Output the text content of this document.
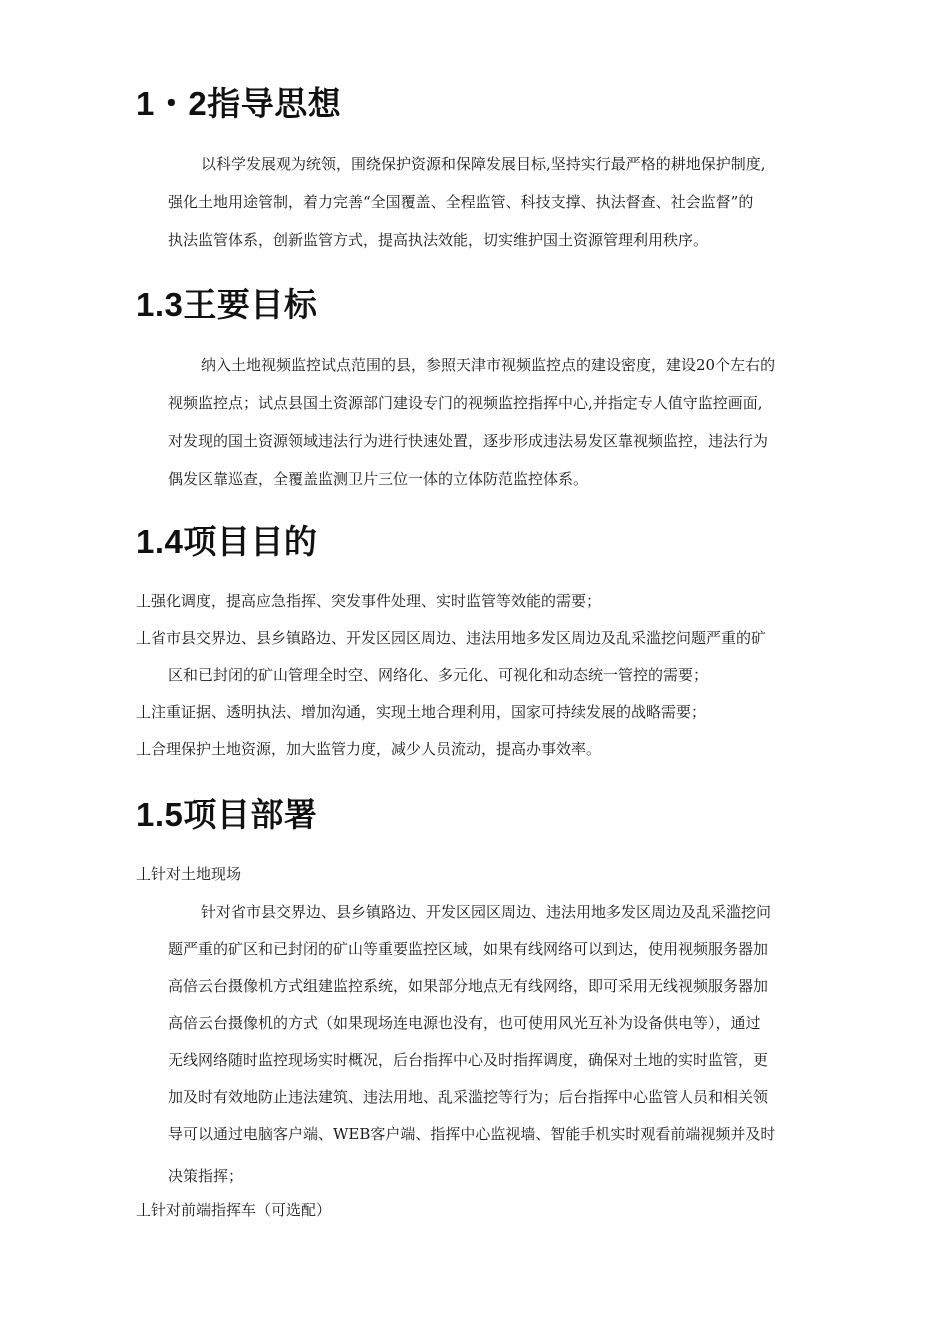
1・2指导思想

以科学发展观为统领，围绕保护资源和保障发展目标,坚持实行最严格的耕地保护制度,

强化土地用途管制，着力完善“全国覆盖、全程监管、科技支撑、执法督查、社会监督”的

执法监管体系，创新监管方式，提高执法效能，切实维护国土资源管理利用秩序。

1.3王要目标

纳入土地视频监控试点范围的县，参照天津市视频监控点的建设密度，建设20个左右的

视频监控点；试点县国土资源部门建设专门的视频监控指挥中心,并指定专人值守监控画面,

对发现的国土资源领域违法行为进行快速处置，逐步形成违法易发区靠视频监控，违法行为

偶发区靠巡查，全覆盖监测卫片三位一体的立体防范监控体系。

1.4项目目的

丄强化调度，提高应急指挥、突发事件处理、实时监管等效能的需要；

丄省市县交界边、县乡镇路边、开发区园区周边、违法用地多发区周边及乱采滥挖问题严重的矿

区和已封闭的矿山管理全时空、网络化、多元化、可视化和动态统一管控的需要；

丄注重证据、透明执法、增加沟通，实现土地合理利用，国家可持续发展的战略需要；

丄合理保护土地资源，加大监管力度，减少人员流动，提高办事效率。

1.5项目部署

丄针对土地现场

针对省市县交界边、县乡镇路边、开发区园区周边、违法用地多发区周边及乱采滥挖问

题严重的矿区和已封闭的矿山等重要监控区域，如果有线网络可以到达，使用视频服务器加

高倍云台摄像机方式组建监控系统，如果部分地点无有线网络，即可采用无线视频服务器加

高倍云台摄像机的方式（如果现场连电源也没有，也可使用风光互补为设备供电等），通过

无线网络随时监控现场实时概况，后台指挥中心及时指挥调度，确保对土地的实时监管，更

加及时有效地防止违法建筑、违法用地、乱采滥挖等行为；后台指挥中心监管人员和相关领

导可以通过电脑客户端、WEB客户端、指挥中心监视墙、智能手机实时观看前端视频并及时

决策指挥；

丄针对前端指挥车（可选配）
